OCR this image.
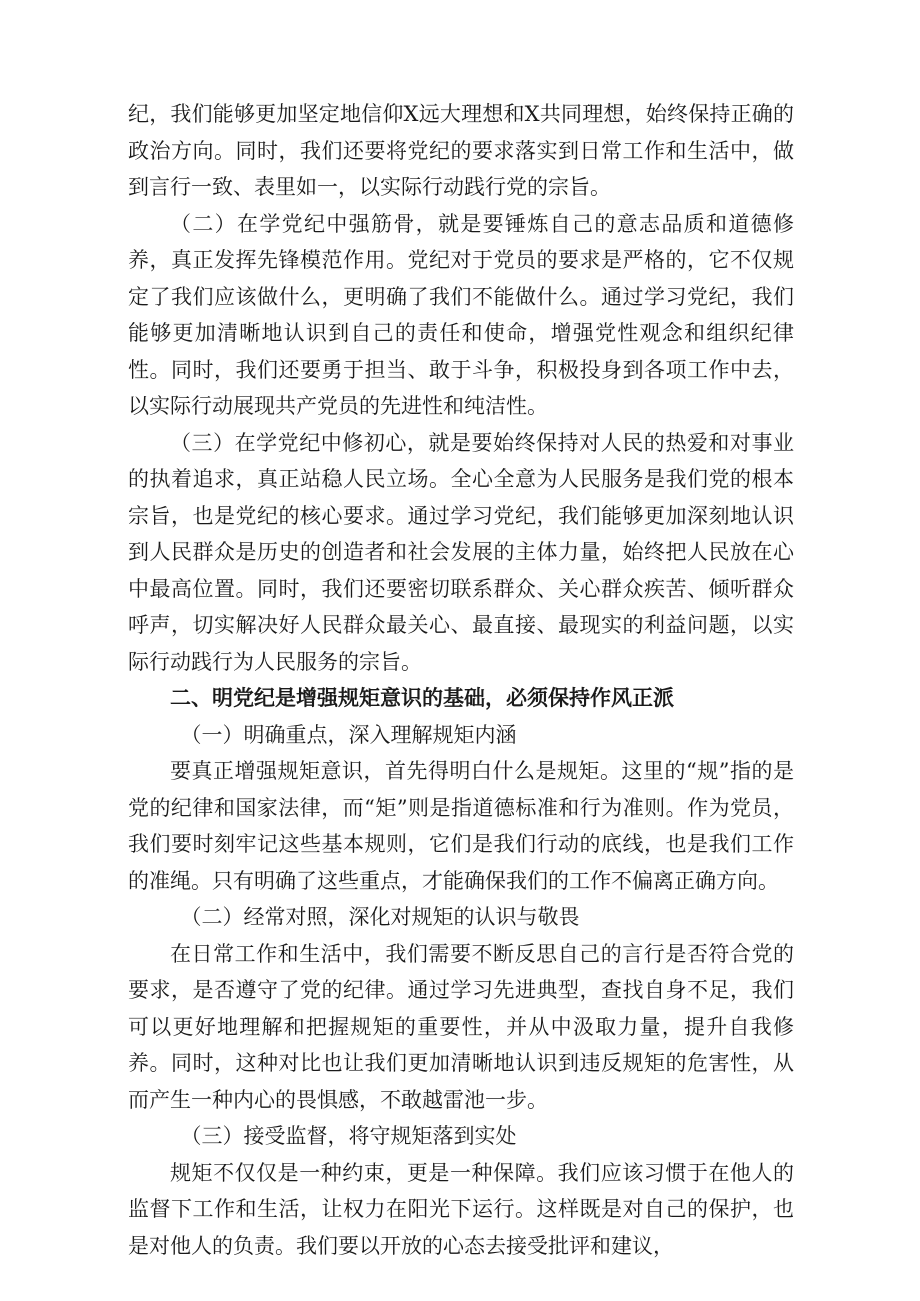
纪，我们能够更加坚定地信仰X远大理想和X共同理想，始终保持正确的政治方向。同时，我们还要将党纪的要求落实到日常工作和生活中，做到言行一致、表里如一，以实际行动践行党的宗旨。

（二）在学党纪中强筋骨，就是要锤炼自己的意志品质和道德修养，真正发挥先锋模范作用。党纪对于党员的要求是严格的，它不仅规定了我们应该做什么，更明确了我们不能做什么。通过学习党纪，我们能够更加清晰地认识到自己的责任和使命，增强党性观念和组织纪律性。同时，我们还要勇于担当、敢于斗争，积极投身到各项工作中去，以实际行动展现共产党员的先进性和纯洁性。

（三）在学党纪中修初心，就是要始终保持对人民的热爱和对事业的执着追求，真正站稳人民立场。全心全意为人民服务是我们党的根本宗旨，也是党纪的核心要求。通过学习党纪，我们能够更加深刻地认识到人民群众是历史的创造者和社会发展的主体力量，始终把人民放在心中最高位置。同时，我们还要密切联系群众、关心群众疾苦、倾听群众呼声，切实解决好人民群众最关心、最直接、最现实的利益问题，以实际行动践行为人民服务的宗旨。

二、明党纪是增强规矩意识的基础，必须保持作风正派

（一）明确重点，深入理解规矩内涵

要真正增强规矩意识，首先得明白什么是规矩。这里的“规”指的是党的纪律和国家法律，而“矩”则是指道德标准和行为准则。作为党员，我们要时刻牢记这些基本规则，它们是我们行动的底线，也是我们工作的准绳。只有明确了这些重点，才能确保我们的工作不偏离正确方向。

（二）经常对照，深化对规矩的认识与敬畏

在日常工作和生活中，我们需要不断反思自己的言行是否符合党的要求，是否遵守了党的纪律。通过学习先进典型，查找自身不足，我们可以更好地理解和把握规矩的重要性，并从中汲取力量，提升自我修养。同时，这种对比也让我们更加清晰地认识到违反规矩的危害性，从而产生一种内心的畏惧感，不敢越雷池一步。

（三）接受监督，将守规矩落到实处

规矩不仅仅是一种约束，更是一种保障。我们应该习惯于在他人的监督下工作和生活，让权力在阳光下运行。这样既是对自己的保护，也是对他人的负责。我们要以开放的心态去接受批评和建议，
